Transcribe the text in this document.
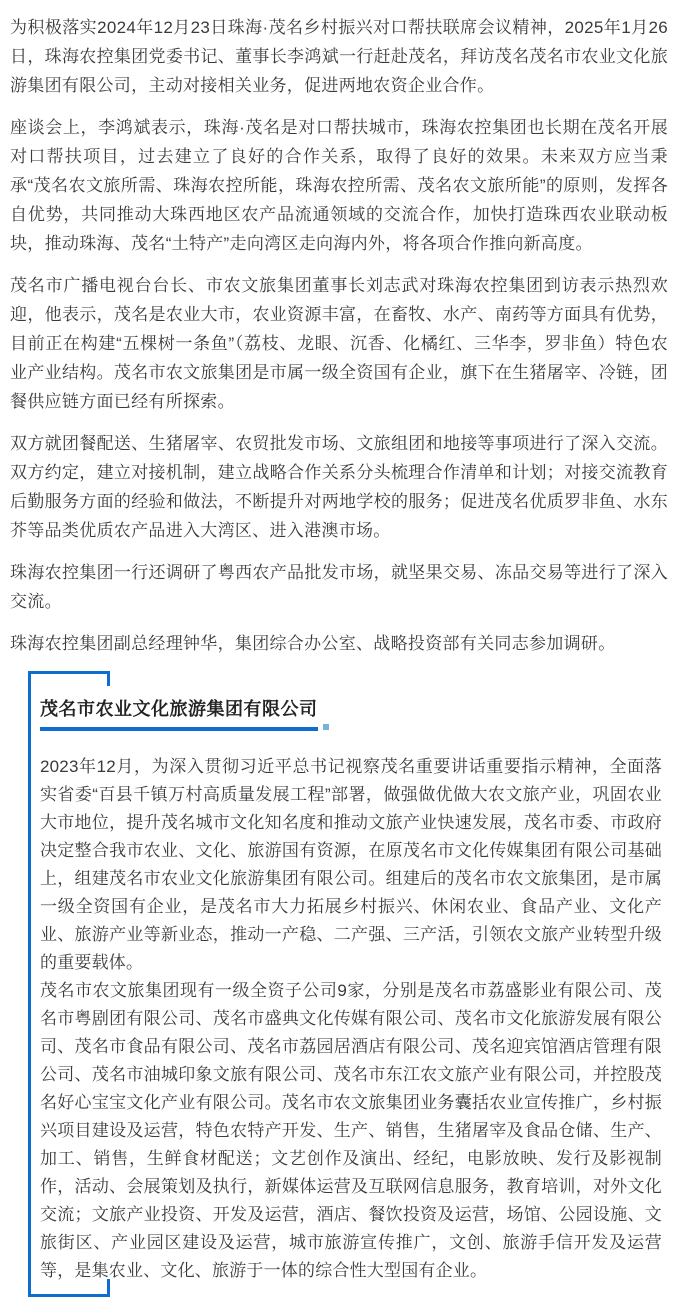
为积极落实2024年12月23日珠海·茂名乡村振兴对口帮扶联席会议精神，2025年1月26日，珠海农控集团党委书记、董事长李鸿斌一行赶赴茂名，拜访茂名茂名市农业文化旅游集团有限公司，主动对接相关业务，促进两地农资企业合作。

座谈会上，李鸿斌表示，珠海·茂名是对口帮扶城市，珠海农控集团也长期在茂名开展对口帮扶项目，过去建立了良好的合作关系，取得了良好的效果。未来双方应当秉承“茂名农文旅所需、珠海农控所能，珠海农控所需、茂名农文旅所能”的原则，发挥各自优势，共同推动大珠西地区农产品流通领域的交流合作，加快打造珠西农业联动板块，推动珠海、茂名“土特产”走向湾区走向海内外，将各项合作推向新高度。

茂名市广播电视台台长、市农文旅集团董事长刘志武对珠海农控集团到访表示热烈欢迎，他表示，茂名是农业大市，农业资源丰富，在畜牧、水产、南药等方面具有优势，目前正在构建“五棵树一条鱼”（荔枝、龙眼、沉香、化橘红、三华李，罗非鱼）特色农业产业结构。茂名市农文旅集团是市属一级全资国有企业，旗下在生猪屠宰、冷链，团餐供应链方面已经有所探索。

双方就团餐配送、生猪屠宰、农贸批发市场、文旅组团和地接等事项进行了深入交流。双方约定，建立对接机制，建立战略合作关系分头梳理合作清单和计划；对接交流教育后勤服务方面的经验和做法，不断提升对两地学校的服务；促进茂名优质罗非鱼、水东芥等品类优质农产品进入大湾区、进入港澳市场。

珠海农控集团一行还调研了粤西农产品批发市场，就坚果交易、冻品交易等进行了深入交流。

珠海农控集团副总经理钟华，集团综合办公室、战略投资部有关同志参加调研。

茂名市农业文化旅游集团有限公司

2023年12月，为深入贯彻习近平总书记视察茂名重要讲话重要指示精神，全面落实省委“百县千镇万村高质量发展工程”部署，做强做优做大农文旅产业，巩固农业大市地位，提升茂名城市文化知名度和推动文旅产业快速发展，茂名市委、市政府决定整合我市农业、文化、旅游国有资源，在原茂名市文化传媒集团有限公司基础上，组建茂名市农业文化旅游集团有限公司。组建后的茂名市农文旅集团，是市属一级全资国有企业，是茂名市大力拓展乡村振兴、休闲农业、食品产业、文化产业、旅游产业等新业态，推动一产稳、二产强、三产活，引领农文旅产业转型升级的重要载体。

茂名市农文旅集团现有一级全资子公司9家，分别是茂名市荔盛影业有限公司、茂名市粤剧团有限公司、茂名市盛典文化传媒有限公司、茂名市文化旅游发展有限公司、茂名市食品有限公司、茂名市荔园居酒店有限公司、茂名迎宾馆酒店管理有限公司、茂名市油城印象文旅有限公司、茂名市东江农文旅产业有限公司，并控股茂名好心宝宝文化产业有限公司。茂名市农文旅集团业务囊括农业宣传推广，乡村振兴项目建设及运营，特色农特产开发、生产、销售，生猪屠宰及食品仓储、生产、加工、销售，生鲜食材配送；文艺创作及演出、经纪，电影放映、发行及影视制作，活动、会展策划及执行，新媒体运营及互联网信息服务，教育培训，对外文化交流；文旅产业投资、开发及运营，酒店、餐饮投资及运营，场馆、公园设施、文旅街区、产业园区建设及运营，城市旅游宣传推广，文创、旅游手信开发及运营等，是集农业、文化、旅游于一体的综合性大型国有企业。
